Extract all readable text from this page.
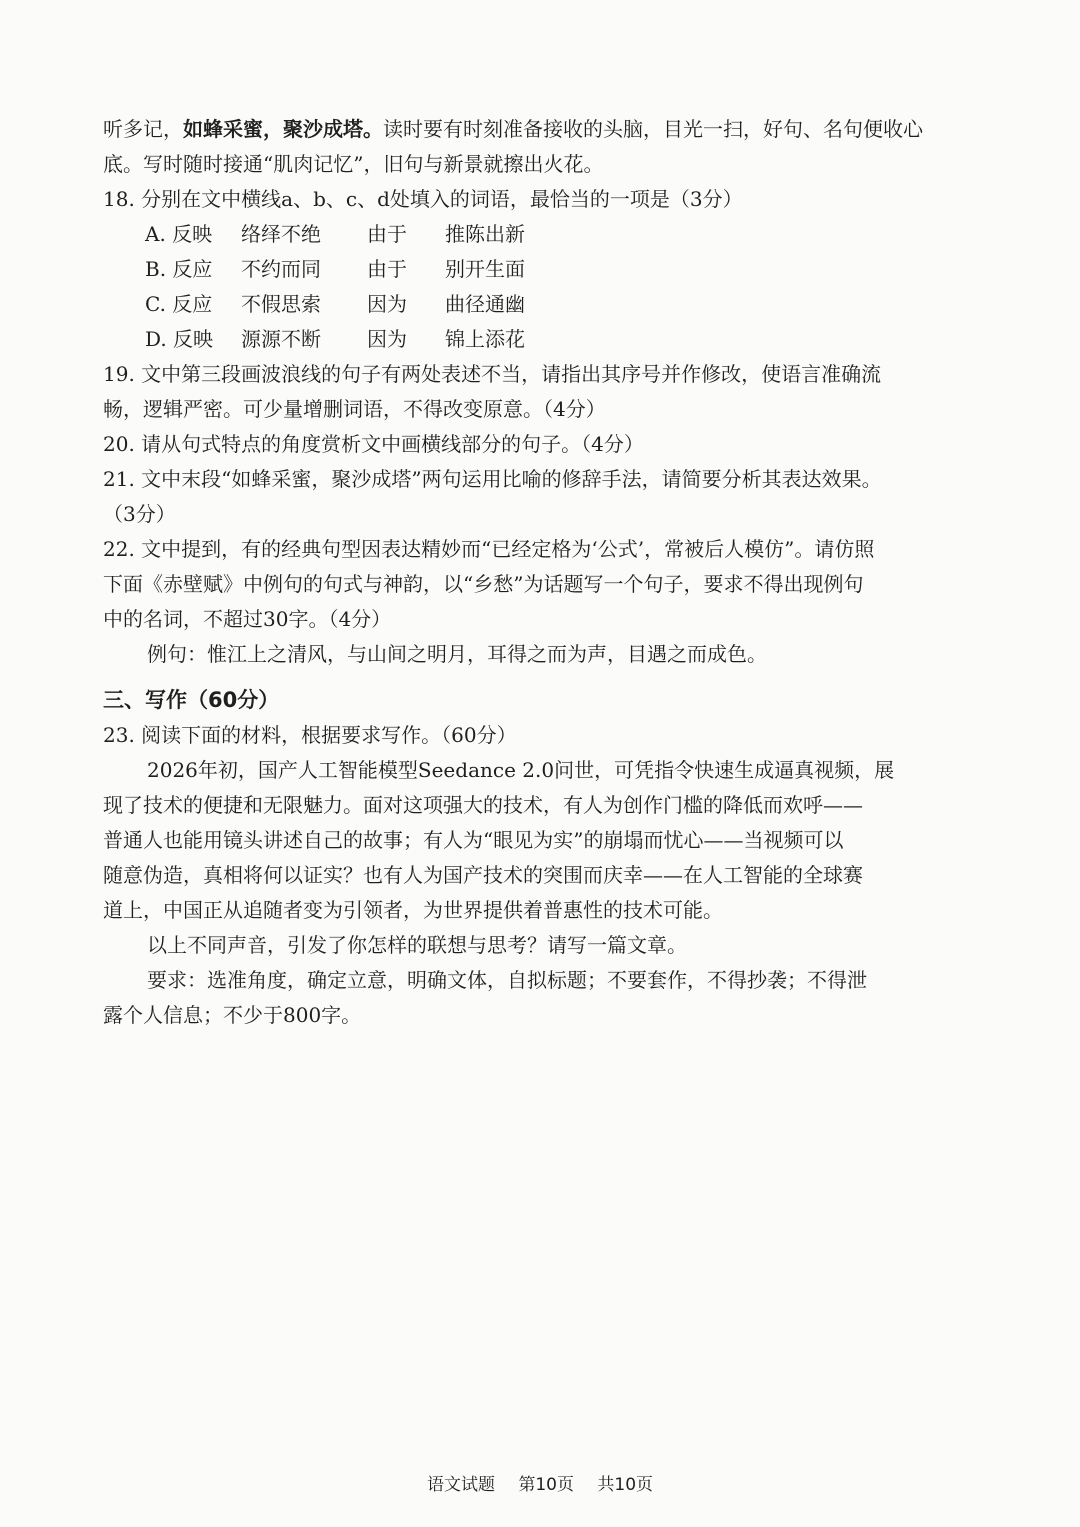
听多记，如蜂采蜜，聚沙成塔。读时要有时刻准备接收的头脑，目光一扫，好句、名句便收心
底。写时随时接通“肌肉记忆”，旧句与新景就擦出火花。
18. 分别在文中横线a、b、c、d处填入的词语，最恰当的一项是（3分）
A. 反映	络绎不绝	由于	推陈出新
B. 反应	不约而同	由于	别开生面
C. 反应	不假思索	因为	曲径通幽
D. 反映	源源不断	因为	锦上添花
19. 文中第三段画波浪线的句子有两处表述不当，请指出其序号并作修改，使语言准确流
畅，逻辑严密。可少量增删词语，不得改变原意。（4分）
20. 请从句式特点的角度赏析文中画横线部分的句子。（4分）
21. 文中末段“如蜂采蜜，聚沙成塔”两句运用比喻的修辞手法，请简要分析其表达效果。
（3分）
22. 文中提到，有的经典句型因表达精妙而“已经定格为‘公式’，常被后人模仿”。请仿照
下面《赤壁赋》中例句的句式与神韵，以“乡愁”为话题写一个句子，要求不得出现例句
中的名词，不超过30字。（4分）
例句：惟江上之清风，与山间之明月，耳得之而为声，目遇之而成色。
三、写作（60分）
23. 阅读下面的材料，根据要求写作。（60分）
2026年初，国产人工智能模型Seedance 2.0问世，可凭指令快速生成逼真视频，展
现了技术的便捷和无限魅力。面对这项强大的技术，有人为创作门槛的降低而欢呼——
普通人也能用镜头讲述自己的故事；有人为“眼见为实”的崩塌而忧心——当视频可以
随意伪造，真相将何以证实？也有人为国产技术的突围而庆幸——在人工智能的全球赛
道上，中国正从追随者变为引领者，为世界提供着普惠性的技术可能。
以上不同声音，引发了你怎样的联想与思考？请写一篇文章。
要求：选准角度，确定立意，明确文体，自拟标题；不要套作，不得抄袭；不得泄
露个人信息；不少于800字。
语文试题 第10页 共10页
